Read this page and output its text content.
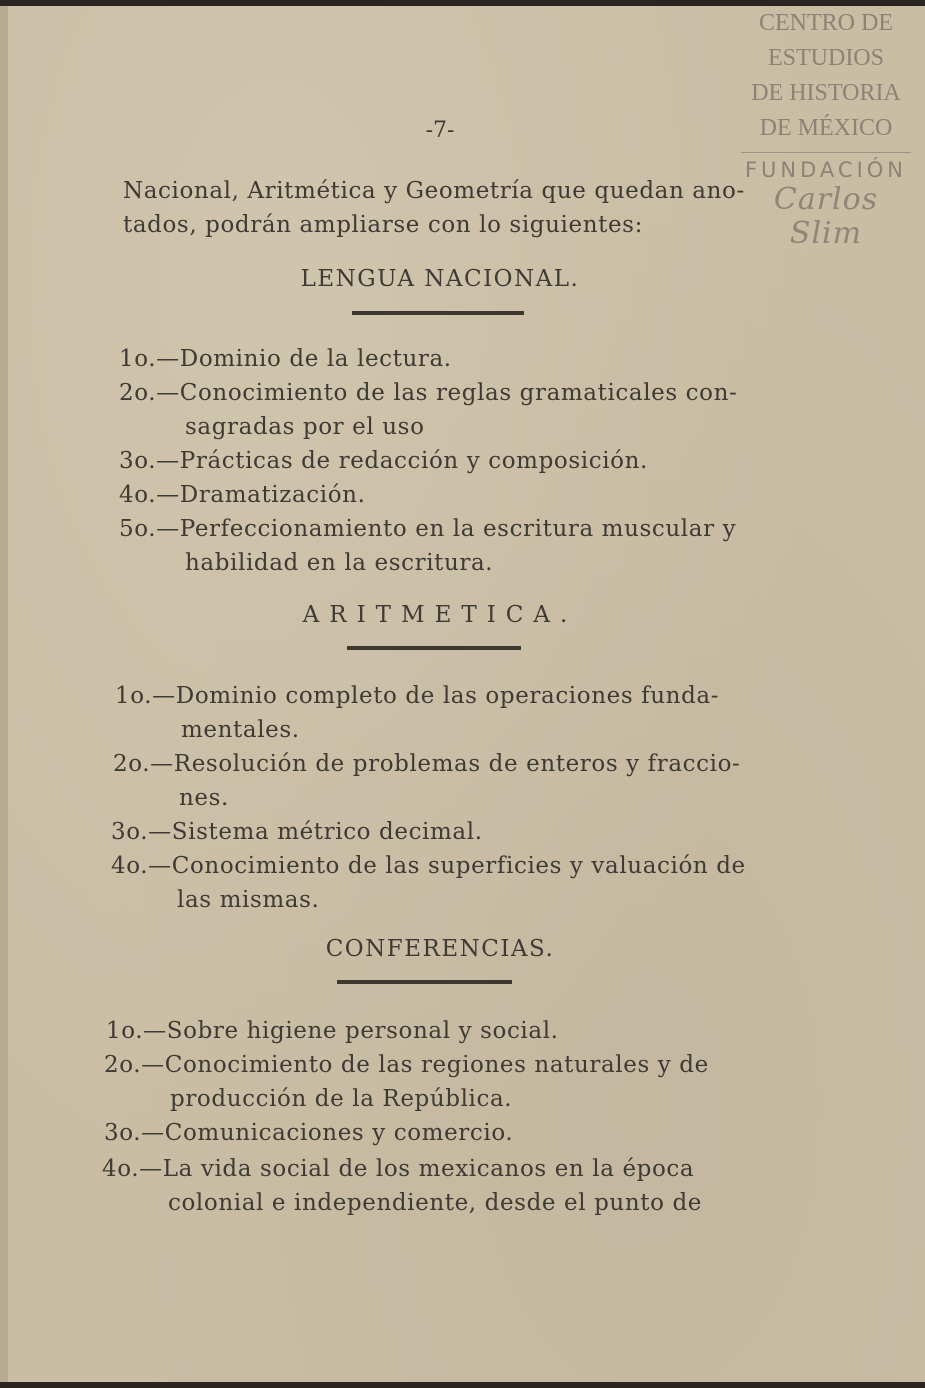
CENTRO DE
ESTUDIOS
DE HISTORIA
DE MÉXICO
FUNDACIÓN
Carlos Slim
-7-
Nacional, Aritmética y Geometría que quedan ano-
tados, podrán ampliarse con lo siguientes:
LENGUA NACIONAL.
1o.—Dominio de la lectura.
2o.—Conocimiento de las reglas gramaticales con-
sagradas por el uso
3o.—Prácticas de redacción y composición.
4o.—Dramatización.
5o.—Perfeccionamiento en la escritura muscular y
habilidad en la escritura.
ARITMETICA.
1o.—Dominio completo de las operaciones funda-
mentales.
2o.—Resolución de problemas de enteros y fraccio-
nes.
3o.—Sistema métrico decimal.
4o.—Conocimiento de las superficies y valuación de
las mismas.
CONFERENCIAS.
1o.—Sobre higiene personal y social.
2o.—Conocimiento de las regiones naturales y de
producción de la República.
3o.—Comunicaciones y comercio.
4o.—La vida social de los mexicanos en la época
colonial e independiente, desde el punto de
